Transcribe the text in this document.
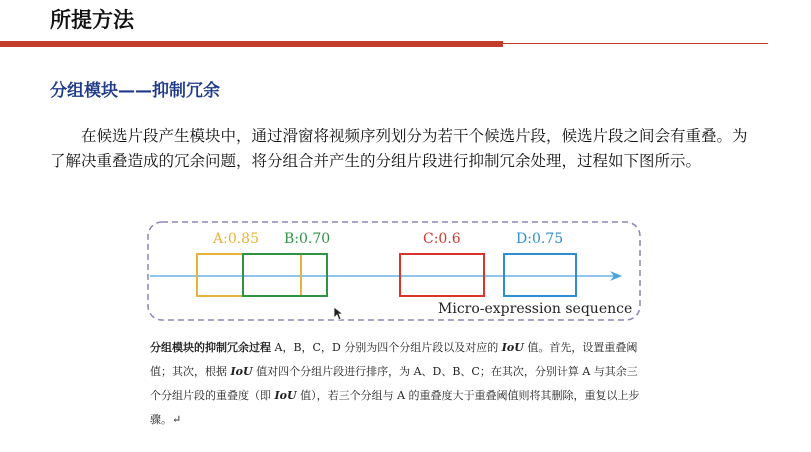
所提方法
分组模块——抑制冗余
在候选片段产生模块中，通过滑窗将视频序列划分为若干个候选片段，候选片段之间会有重叠。为了解决重叠造成的冗余问题，将分组合并产生的分组片段进行抑制冗余处理，过程如下图所示。
A:0.85 B:0.70	C:0.6	D:0.75
Micro-expression sequence
分组模块的抑制冗余过程 A，B，C，D 分别为四个分组片段以及对应的 IoU 值。首先，设置重叠阈值；其次，根据 IoU 值对四个分组片段进行排序，为 A、D、B、C；在其次，分别计算 A 与其余三个分组片段的重叠度（即 IoU 值），若三个分组与 A 的重叠度大于重叠阈值则将其删除，重复以上步骤。↵
